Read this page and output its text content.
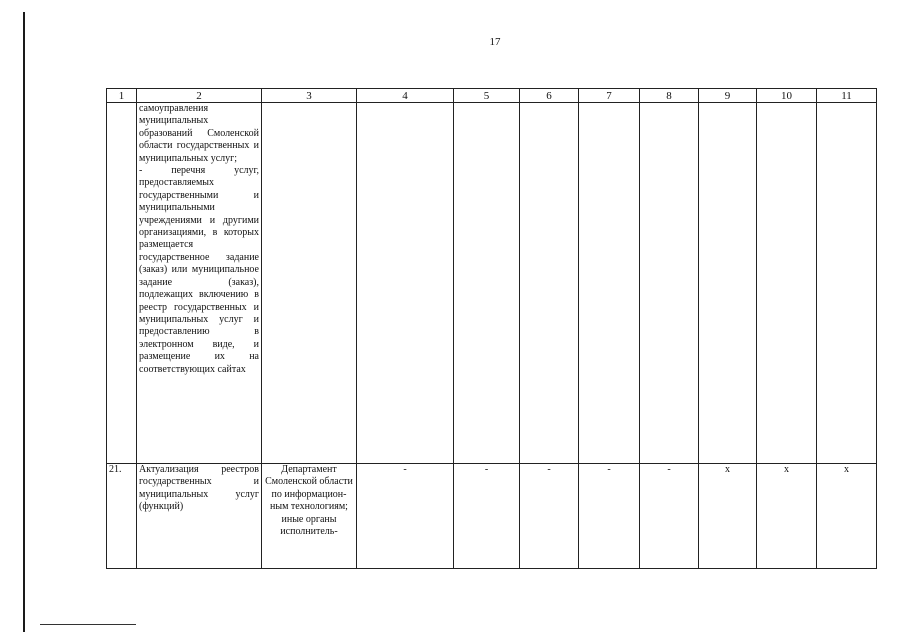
17
1	2	3	4	5	6	7	8	9	10	11
	самоуправления муниципальных образований Смоленской области государственных и муниципальных услуг;
- перечня услуг, предоставляемых государственными и муниципальными учреждениями и другими организациями, в которых размещается государственное задание (заказ) или муниципальное задание (заказ), подлежащих включению в реестр государственных и муниципальных услуг и предоставлению в электронном виде, и размещение их на соответствующих сайтах									
21.	Актуализация реестров государственных и муниципальных услуг (функций)	Департамент Смоленской области по информацион-
ным технологиям; иные органы исполнитель-	-	-	-	-	-	х	х	х
